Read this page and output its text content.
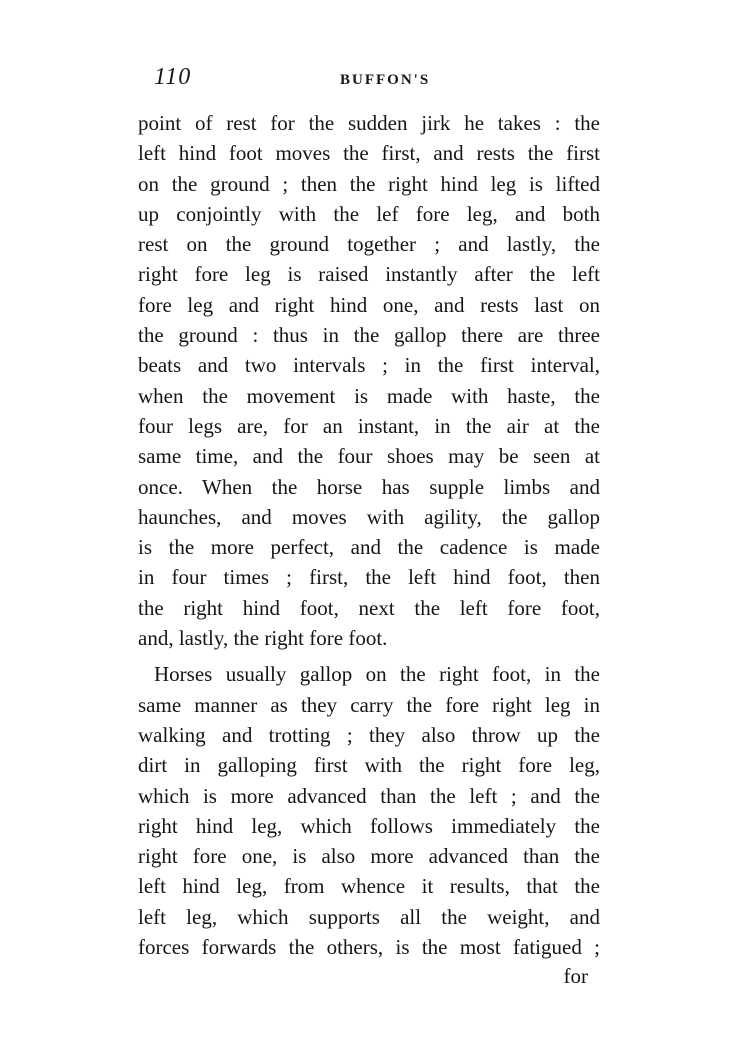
110	BUFFON'S
point of rest for the sudden jirk he takes : the
left hind foot moves the first, and rests the first
on the ground ; then the right hind leg is lifted
up conjointly with the lef fore leg, and both
rest on the ground together ; and lastly, the
right fore leg is raised instantly after the left
fore leg and right hind one, and rests last on
the ground : thus in the gallop there are three
beats and two intervals ; in the first interval,
when the movement is made with haste, the
four legs are, for an instant, in the air at the
same time, and the four shoes may be seen at
once. When the horse has supple limbs and
haunches, and moves with agility, the gallop
is the more perfect, and the cadence is made
in four times ; first, the left hind foot, then
the right hind foot, next the left fore foot,
and, lastly, the right fore foot.
Horses usually gallop on the right foot, in the
same manner as they carry the fore right leg in
walking and trotting ; they also throw up the
dirt in galloping first with the right fore leg,
which is more advanced than the left ; and the
right hind leg, which follows immediately the
right fore one, is also more advanced than the
left hind leg, from whence it results, that the
left leg, which supports all the weight, and
forces forwards the others, is the most fatigued ;
for
